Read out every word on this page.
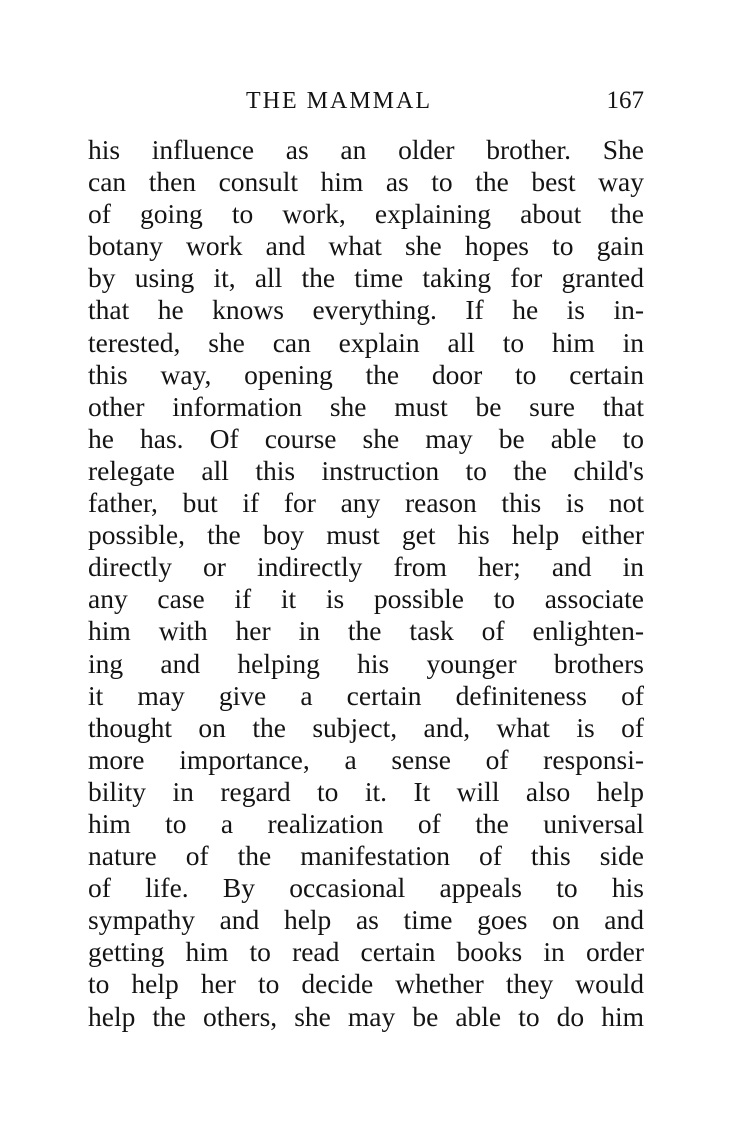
THE MAMMAL	167
his influence as an older brother. She
can then consult him as to the best way
of going to work, explaining about the
botany work and what she hopes to gain
by using it, all the time taking for granted
that he knows everything. If he is in-
terested, she can explain all to him in
this way, opening the door to certain
other information she must be sure that
he has. Of course she may be able to
relegate all this instruction to the child's
father, but if for any reason this is not
possible, the boy must get his help either
directly or indirectly from her; and in
any case if it is possible to associate
him with her in the task of enlighten-
ing and helping his younger brothers
it may give a certain definiteness of
thought on the subject, and, what is of
more importance, a sense of responsi-
bility in regard to it. It will also help
him to a realization of the universal
nature of the manifestation of this side
of life. By occasional appeals to his
sympathy and help as time goes on and
getting him to read certain books in order
to help her to decide whether they would
help the others, she may be able to do him
